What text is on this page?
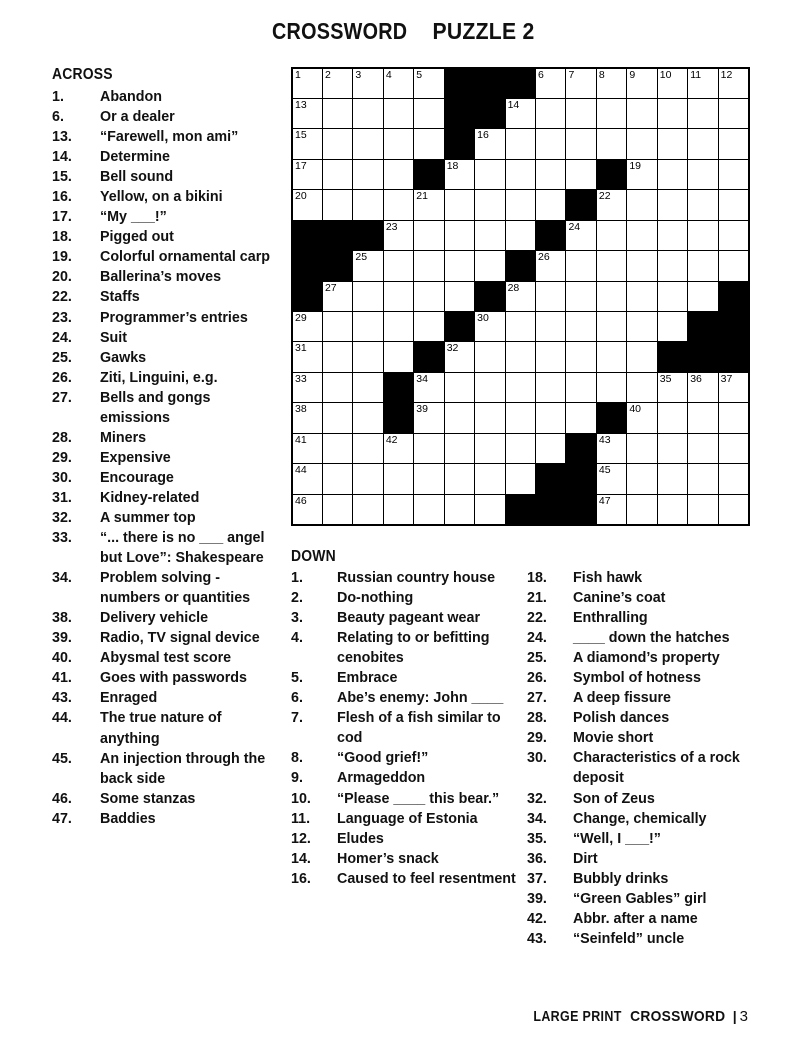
CROSSWORD PUZZLE 2
ACROSS
1.	Abandon
6.	Or a dealer
13.	“Farewell, mon ami”
14.	Determine
15.	Bell sound
16.	Yellow, on a bikini
17.	“My ___!”
18.	Pigged out
19.	Colorful ornamental carp
20.	Ballerina’s moves
22.	Staffs
23.	Programmer’s entries
24.	Suit
25.	Gawks
26.	Ziti, Linguini, e.g.
27.	Bells and gongs emissions
28.	Miners
29.	Expensive
30.	Encourage
31.	Kidney-related
32.	A summer top
33.	“... there is no ___ angel but Love”: Shakespeare
34.	Problem solving - numbers or quantities
38.	Delivery vehicle
39.	Radio, TV signal device
40.	Abysmal test score
41.	Goes with passwords
43.	Enraged
44.	The true nature of anything
45.	An injection through the back side
46.	Some stanzas
47.	Baddies
1	2	3	4	5				6	7	8	9	10	11	12

13							14							

15						16								

17					18						19			

20				21						22				

			23						24					

		25						26						

	27						28							

29						30								

31					32									

33				34								35	36	37

38				39							40			

41			42							43				

44										45				

46										47				

DOWN
1.	Russian country house
2.	Do-nothing
3.	Beauty pageant wear
4.	Relating to or befitting cenobites
5.	Embrace
6.	Abe’s enemy: John ____
7.	Flesh of a fish similar to cod
8.	“Good grief!”
9.	Armageddon
10.	“Please ____ this bear.”
11.	Language of Estonia
12.	Eludes
14.	Homer’s snack
16.	Caused to feel resentment
18.	Fish hawk
21.	Canine’s coat
22.	Enthralling
24.	____ down the hatches
25.	A diamond’s property
26.	Symbol of hotness
27.	A deep fissure
28.	Polish dances
29.	Movie short
30.	Characteristics of a rock deposit
32.	Son of Zeus
34.	Change, chemically
35.	“Well, I ___!”
36.	Dirt
37.	Bubbly drinks
39.	“Green Gables” girl
42.	Abbr. after a name
43.	“Seinfeld” uncle
LARGE PRINT CROSSWORD | 3
